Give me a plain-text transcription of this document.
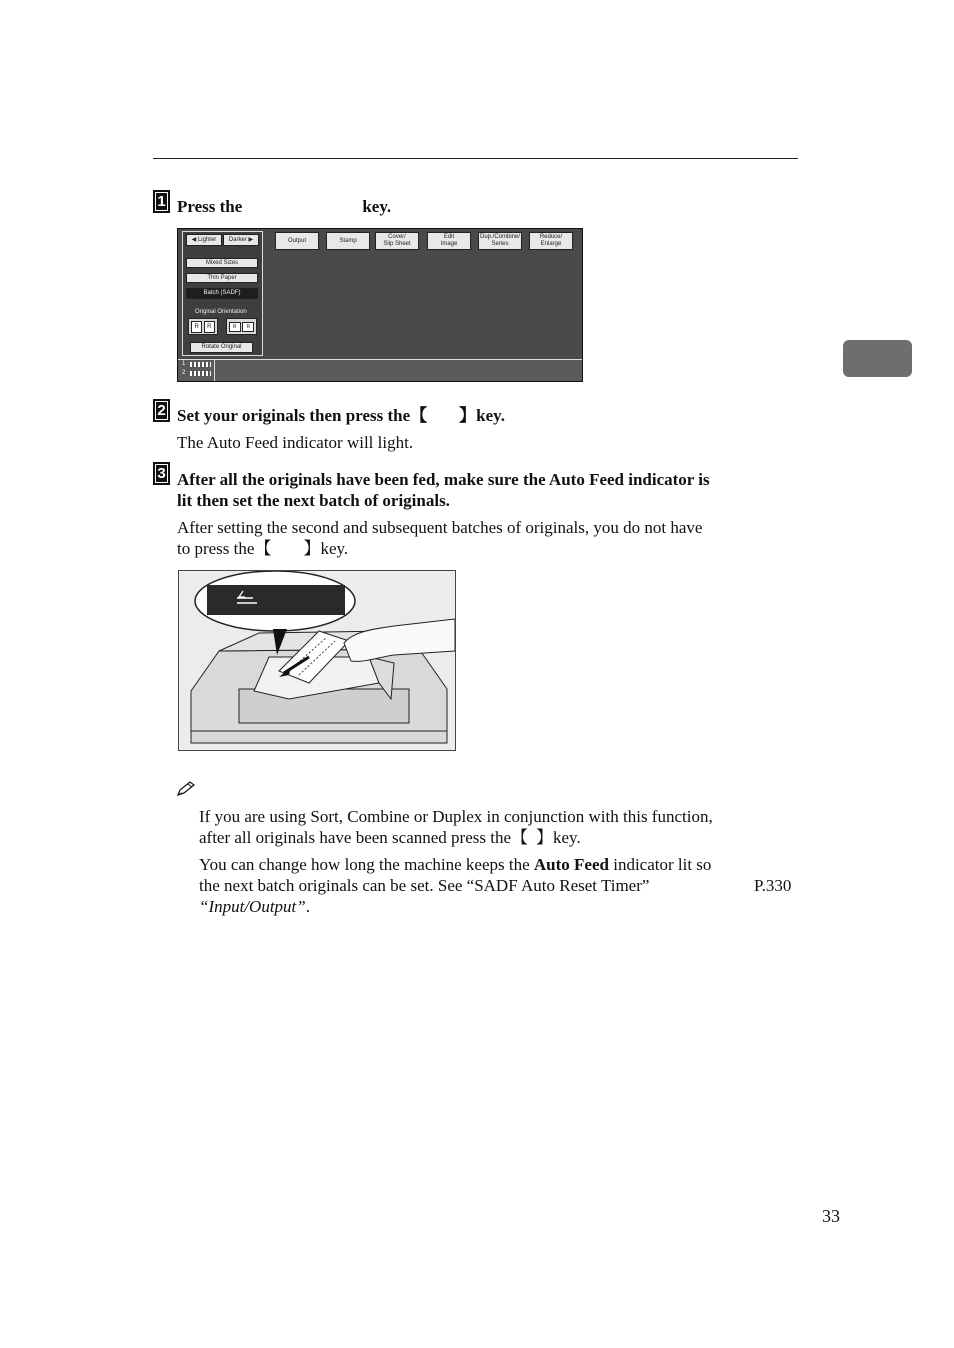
1 Press the	key.
◀ Lighter Darker ▶
Mixed Sizes
Thin Paper
Batch (SADF)
Original Orientation
R
	R	R
	R
Rotate Original
Output	Stamp
Cover/
Slip Sheet
Edit
Image
Dup./Combine/
Series
Reduce/
Enlarge
1
2
2 Set your originals then press the【 】key.
The Auto Feed indicator will light.
3 After all the originals have been fed, make sure the Auto Feed indicator is
lit then set the next batch of originals.
After setting the second and subsequent batches of originals, you do not have
to press the【 】key.
If you are using Sort, Combine or Duplex in conjunction with this function,
after all originals have been scanned press the【 】key.
You can change how long the machine keeps the Auto Feed indicator lit so
the next batch originals can be set. See “SADF Auto Reset Timer”	P.330
“Input/Output”.
33
